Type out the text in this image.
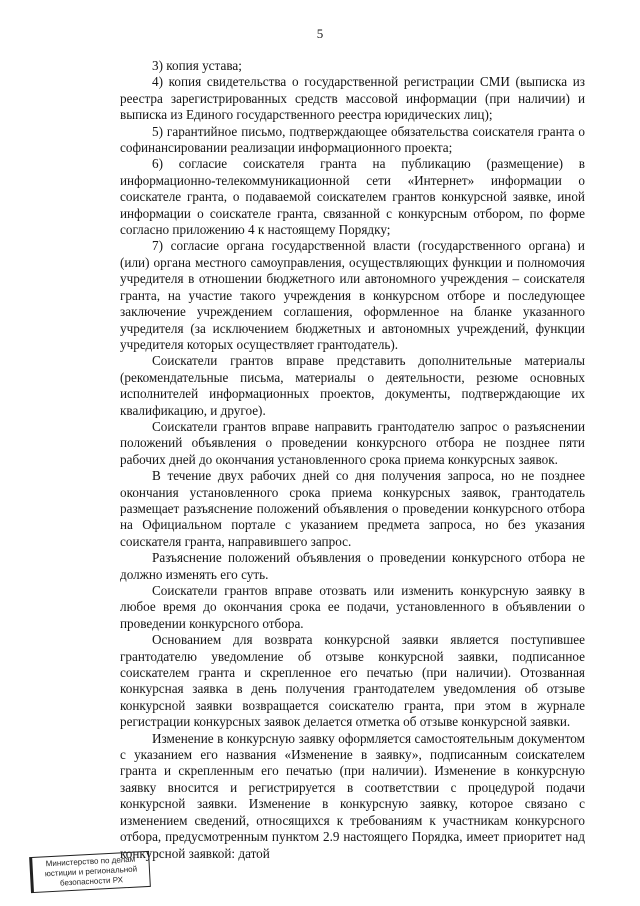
5

3) копия устава;

4) копия свидетельства о государственной регистрации СМИ (выписка из реестра зарегистрированных средств массовой информации (при наличии) и выписка из Единого государственного реестра юридических лиц);

5) гарантийное письмо, подтверждающее обязательства соискателя гранта о софинансировании реализации информационного проекта;

6) согласие соискателя гранта на публикацию (размещение) в информационно-телекоммуникационной сети «Интернет» информации о соискателе гранта, о подаваемой соискателем грантов конкурсной заявке, иной информации о соискателе гранта, связанной с конкурсным отбором, по форме согласно приложению 4 к настоящему Порядку;

7) согласие органа государственной власти (государственного органа) и (или) органа местного самоуправления, осуществляющих функции и полномочия учредителя в отношении бюджетного или автономного учреждения – соискателя гранта, на участие такого учреждения в конкурсном отборе и последующее заключение учреждением соглашения, оформленное на бланке указанного учредителя (за исключением бюджетных и автономных учреждений, функции учредителя которых осуществляет грантодатель).

Соискатели грантов вправе представить дополнительные материалы (рекомендательные письма, материалы о деятельности, резюме основных исполнителей информационных проектов, документы, подтверждающие их квалификацию, и другое).

Соискатели грантов вправе направить грантодателю запрос о разъяснении положений объявления о проведении конкурсного отбора не позднее пяти рабочих дней до окончания установленного срока приема конкурсных заявок.

В течение двух рабочих дней со дня получения запроса, но не позднее окончания установленного срока приема конкурсных заявок, грантодатель размещает разъяснение положений объявления о проведении конкурсного отбора на Официальном портале с указанием предмета запроса, но без указания соискателя гранта, направившего запрос.

Разъяснение положений объявления о проведении конкурсного отбора не должно изменять его суть.

Соискатели грантов вправе отозвать или изменить конкурсную заявку в любое время до окончания срока ее подачи, установленного в объявлении о проведении конкурсного отбора.

Основанием для возврата конкурсной заявки является поступившее грантодателю уведомление об отзыве конкурсной заявки, подписанное соискателем гранта и скрепленное его печатью (при наличии). Отозванная конкурсная заявка в день получения грантодателем уведомления об отзыве конкурсной заявки возвращается соискателю гранта, при этом в журнале регистрации конкурсных заявок делается отметка об отзыве конкурсной заявки.

Изменение в конкурсную заявку оформляется самостоятельным документом с указанием его названия «Изменение в заявку», подписанным соискателем гранта и скрепленным его печатью (при наличии). Изменение в конкурсную заявку вносится и регистрируется в соответствии с процедурой подачи конкурсной заявки. Изменение в конкурсную заявку, которое связано с изменением сведений, относящихся к требованиям к участникам конкурсного отбора, предусмотренным пунктом 2.9 настоящего Порядка, имеет приоритет над конкурсной заявкой: датой

Министерство по делам
юстиции и региональной
безопасности РХ
